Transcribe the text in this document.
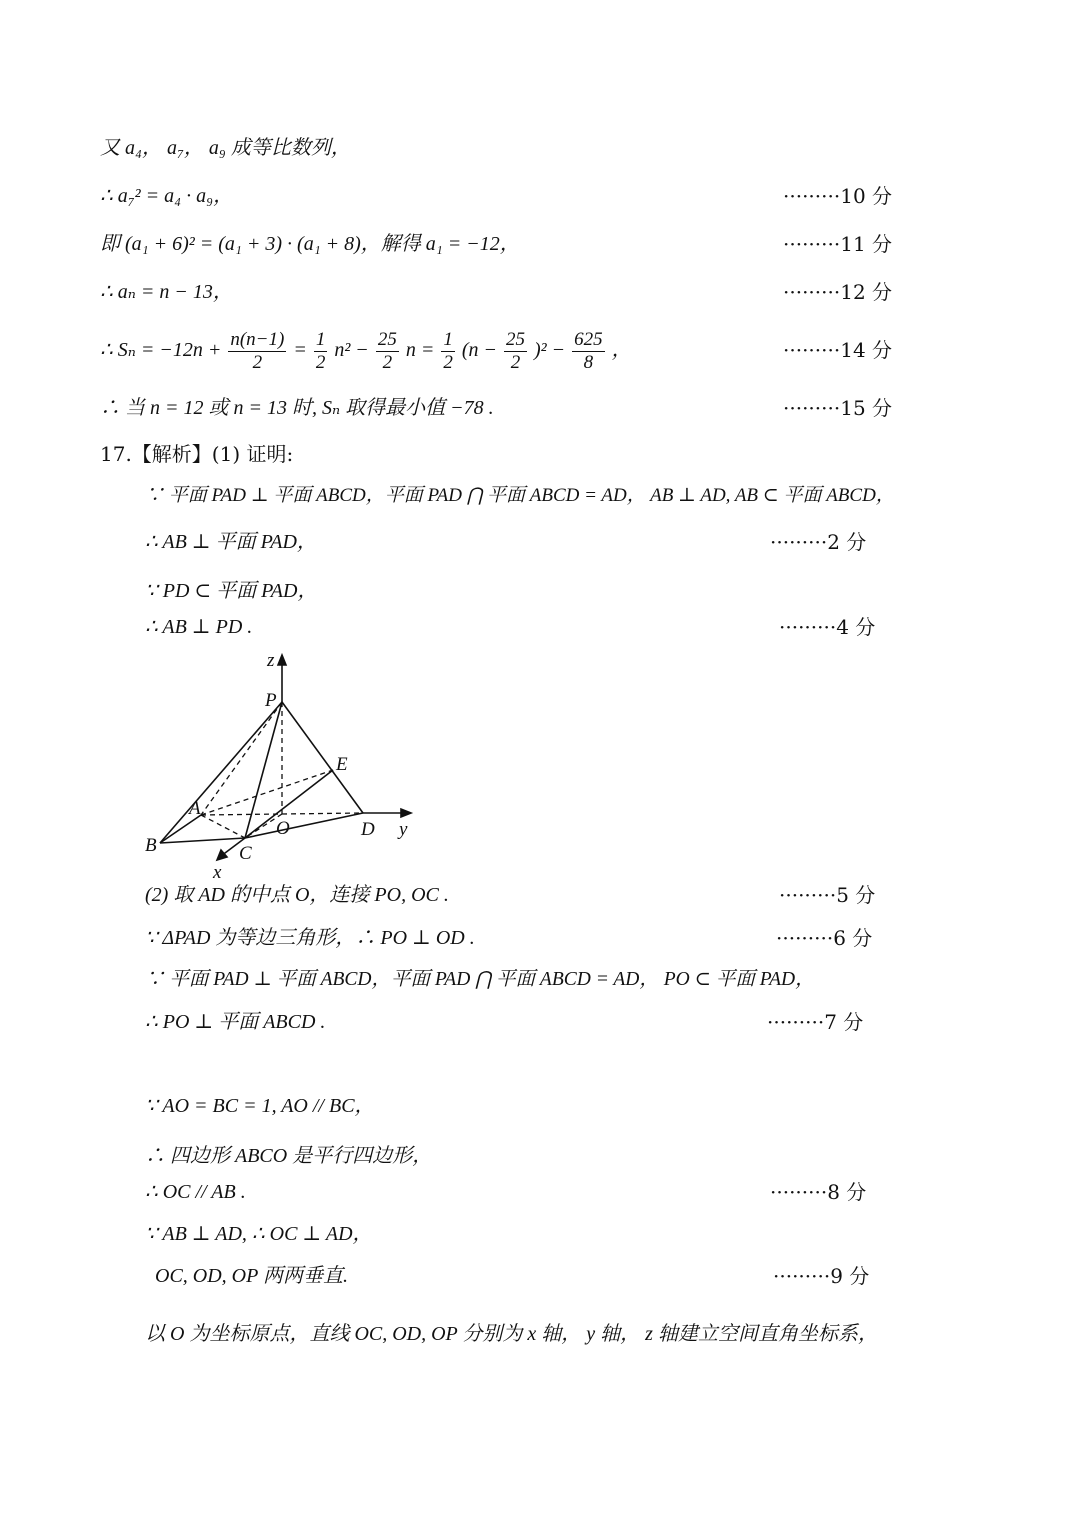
又 a₄， a₇， a₉ 成等比数列，
∴ a₇² = a₄ · a₉，	·········10 分
即 (a₁ + 6)² = (a₁ + 3) · (a₁ + 8)，解得 a₁ = −12，	·········11 分
∴ aₙ = n − 13，	·········12 分
∴ $S_n = -12n + \frac{n(n-1)}{2} = \frac{1}{2} n^2 - \frac{25}{2}$ $n = \frac{1}{2} (n - \frac{25}{2} )^2 - \frac{625}{8}$ ，	·········14 分
∴ 当 n = 12 或 n = 13 时, Sₙ 取得最小值 −78 .	·········15 分
17.【解析】(1) 证明:
∵ 平面 PAD ⊥ 平面 ABCD，平面 PAD ⋂ 平面 ABCD = AD， AB ⊥ AD, AB ⊂ 平面 ABCD，
∴ AB ⊥ 平面 PAD，	·········2 分
∵ PD ⊂ 平面 PAD，
∴ AB ⊥ PD .	·········4 分
z
P
E
A
B
O	D y
C
x
(2) 取 AD 的中点 O，连接 PO, OC .	·········5 分
∵ ΔPAD 为等边三角形，∴ PO ⊥ OD .	·········6 分
∵ 平面 PAD ⊥ 平面 ABCD，平面 PAD ⋂ 平面 ABCD = AD， PO ⊂ 平面 PAD，
∴ PO ⊥ 平面 ABCD .	·········7 分
∵ AO = BC = 1, AO // BC，
∴ 四边形 ABCO 是平行四边形，
∴ OC // AB .	·········8 分
∵ AB ⊥ AD, ∴ OC ⊥ AD，
OC, OD, OP 两两垂直.	·········9 分
以 O 为坐标原点，直线 OC, OD, OP 分别为 x 轴， y 轴， z 轴建立空间直角坐标系，
